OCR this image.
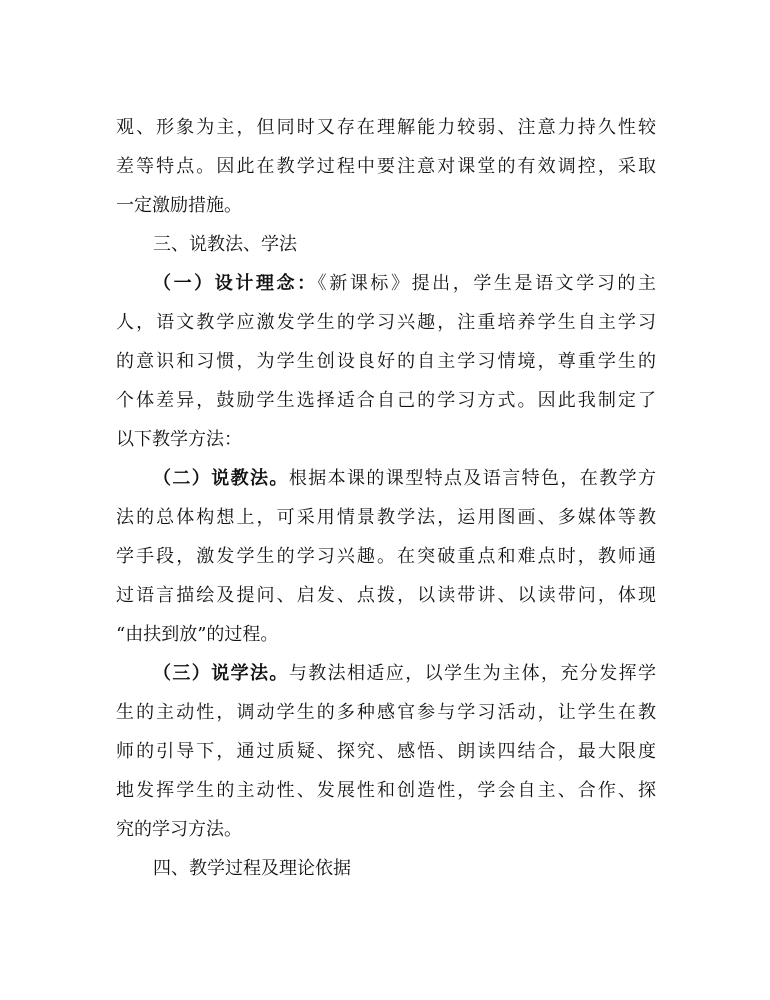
观、形象为主，但同时又存在理解能力较弱、注意力持久性较
差等特点。因此在教学过程中要注意对课堂的有效调控，采取
一定激励措施。
三、说教法、学法
（一）设计理念：《新课标》提出，学生是语文学习的主
人，语文教学应激发学生的学习兴趣，注重培养学生自主学习
的意识和习惯，为学生创设良好的自主学习情境，尊重学生的
个体差异，鼓励学生选择适合自己的学习方式。因此我制定了
以下教学方法：
（二）说教法。根据本课的课型特点及语言特色，在教学方
法的总体构想上，可采用情景教学法，运用图画、多媒体等教
学手段，激发学生的学习兴趣。在突破重点和难点时，教师通
过语言描绘及提问、启发、点拨，以读带讲、以读带问，体现
“由扶到放”的过程。
（三）说学法。与教法相适应，以学生为主体，充分发挥学
生的主动性，调动学生的多种感官参与学习活动，让学生在教
师的引导下，通过质疑、探究、感悟、朗读四结合，最大限度
地发挥学生的主动性、发展性和创造性，学会自主、合作、探
究的学习方法。
四、教学过程及理论依据
